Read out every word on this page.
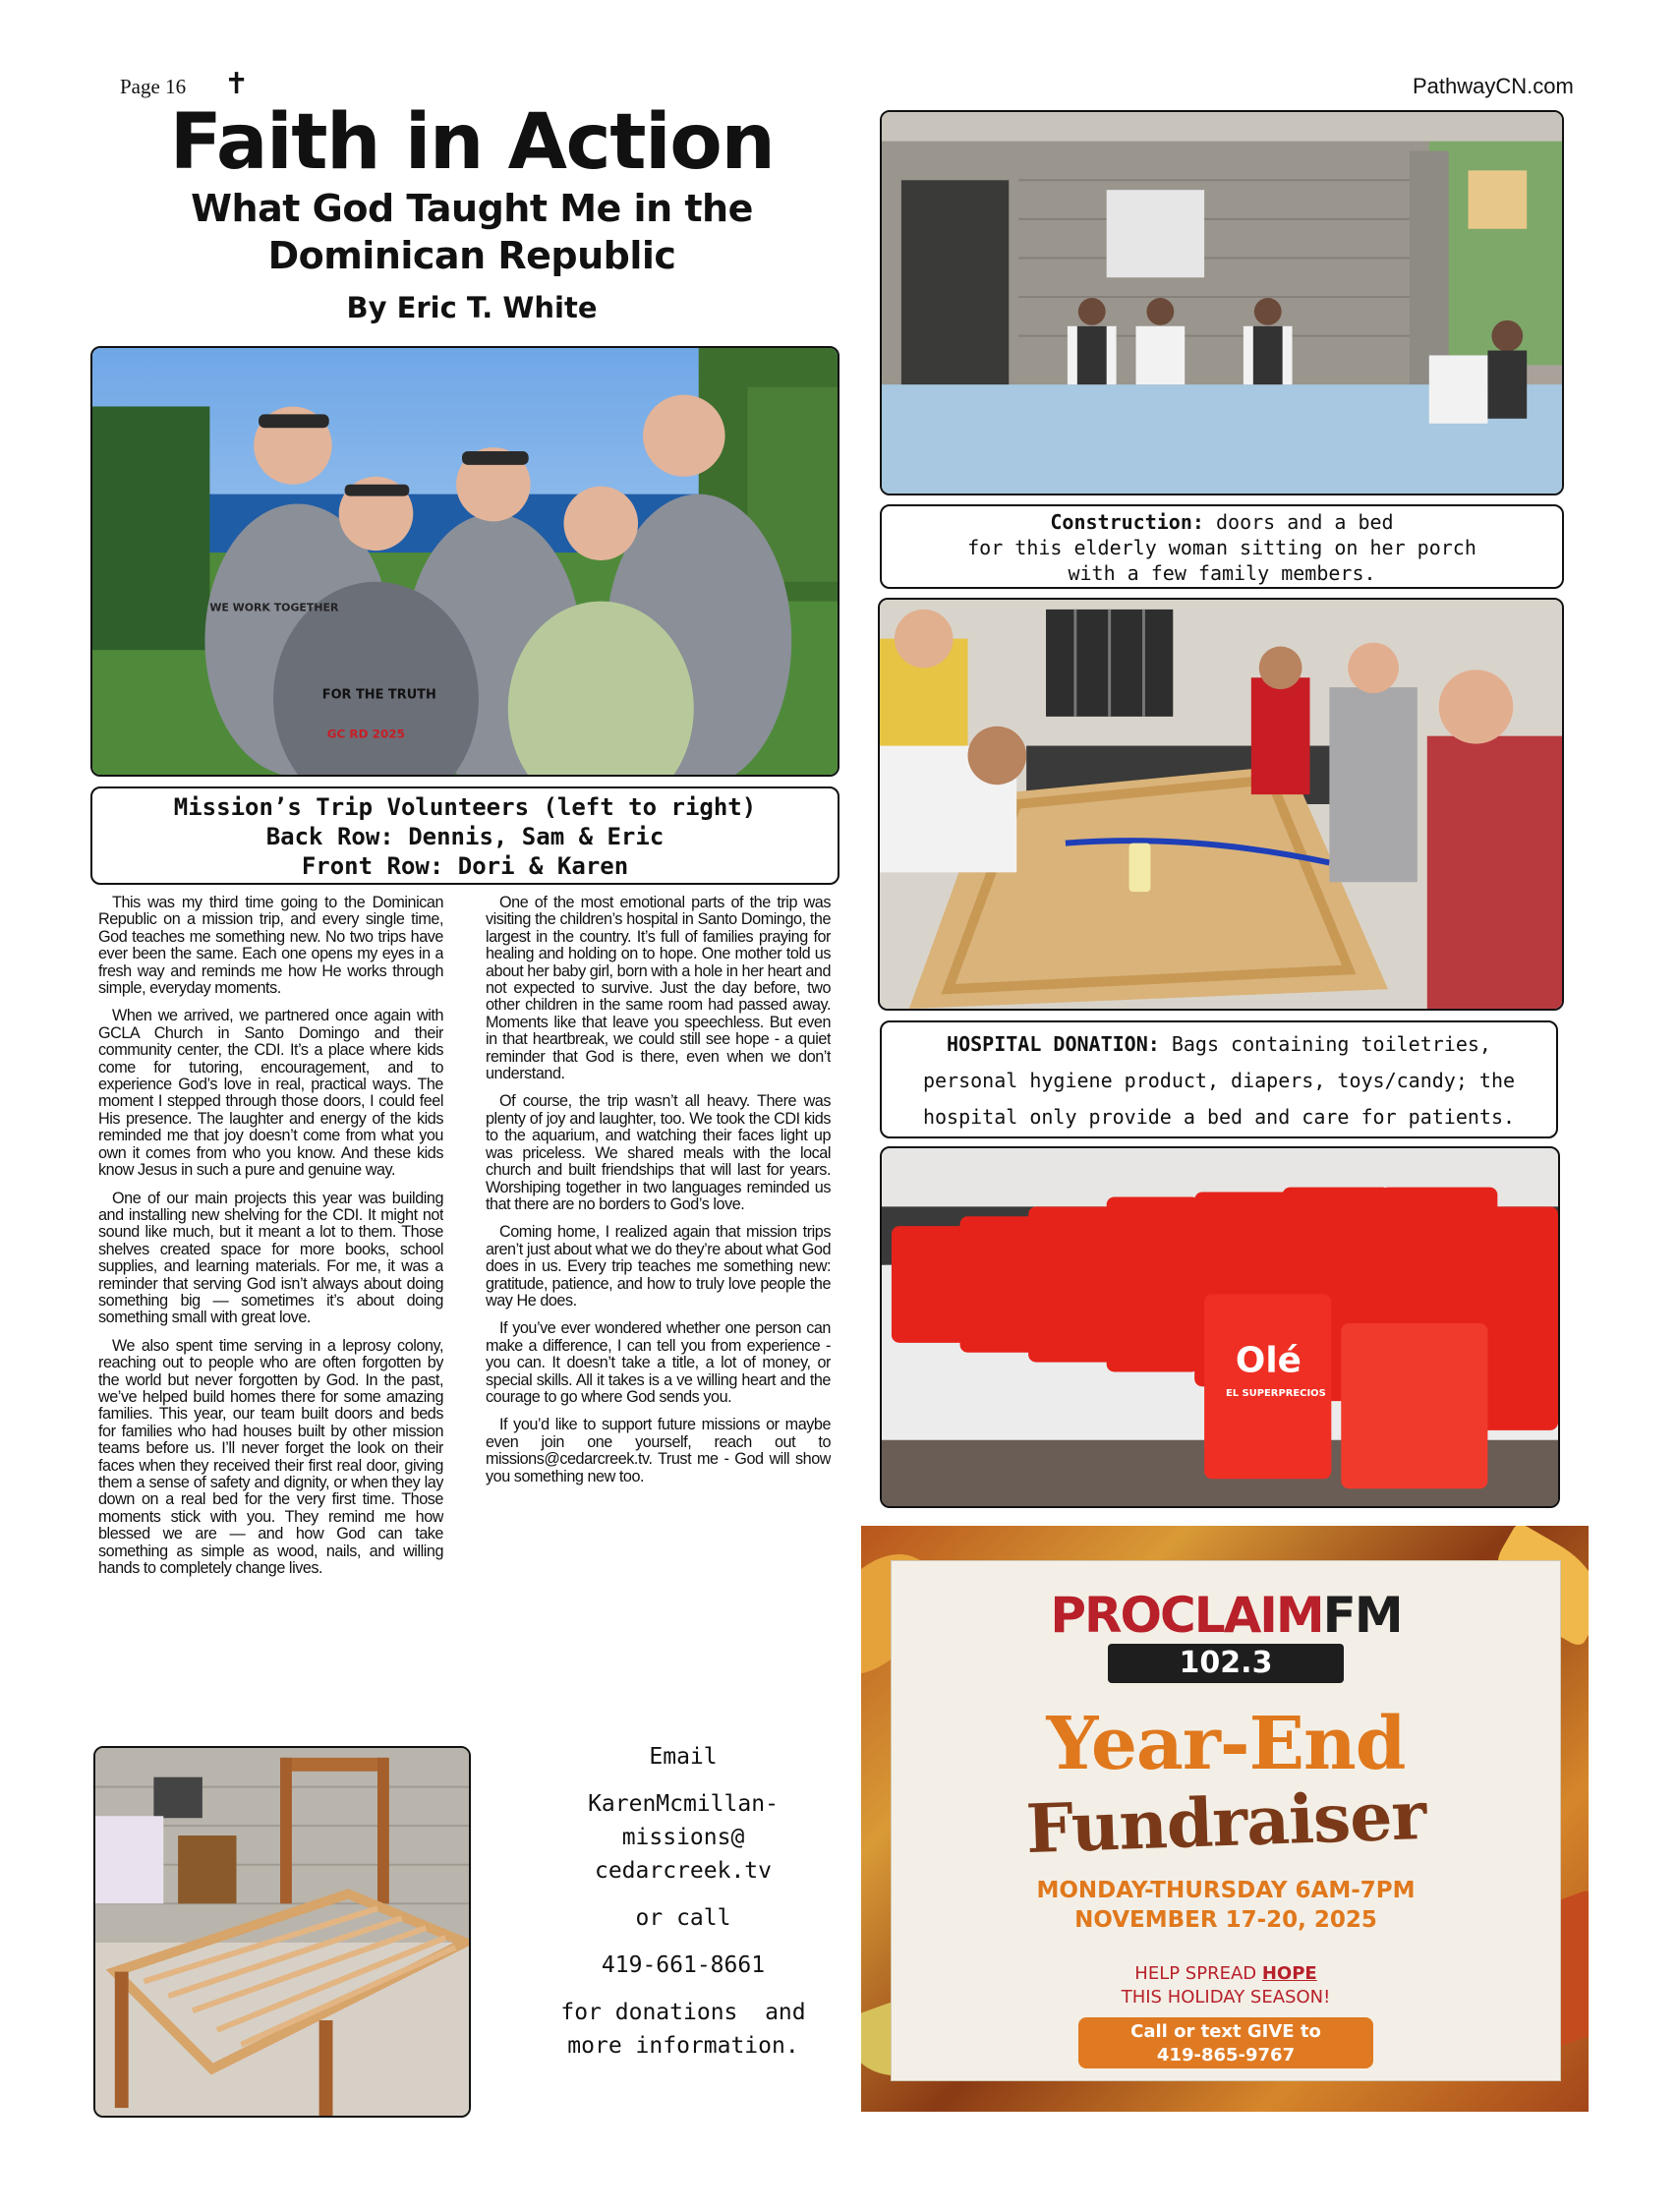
Page 16 ✝	PathwayCN.com
Faith in Action
What God Taught Me in the
Dominican Republic
By Eric T. White
FOR THE TRUTH
WE WORK TOGETHER
GC RD 2025
Mission’s Trip Volunteers (left to right)
Back Row: Dennis, Sam & Eric
Front Row: Dori & Karen

This was my third time going to the Dominican Republic on a mission trip, and every single time, God teaches me something new. No two trips have ever been the same. Each one opens my eyes in a fresh way and reminds me how He works through simple, everyday moments.

When we arrived, we partnered once again with GCLA Church in Santo Domingo and their community center, the CDI. It’s a place where kids come for tutoring, encouragement, and to experience God’s love in real, practical ways. The moment I stepped through those doors, I could feel His presence. The laughter and energy of the kids reminded me that joy doesn’t come from what you own it comes from who you know. And these kids know Jesus in such a pure and genuine way.

One of our main projects this year was building and installing new shelving for the CDI. It might not sound like much, but it meant a lot to them. Those shelves created space for more books, school supplies, and learning materials. For me, it was a reminder that serving God isn’t always about doing something big — sometimes it’s about doing something small with great love.

We also spent time serving in a leprosy colony, reaching out to people who are often forgotten by the world but never forgotten by God. In the past, we’ve helped build homes there for some amazing families. This year, our team built doors and beds for families who had houses built by other mission teams before us. I’ll never forget the look on their faces when they received their first real door, giving them a sense of safety and dignity, or when they lay down on a real bed for the very first time. Those moments stick with you. They remind me how blessed we are — and how God can take something as simple as wood, nails, and willing hands to completely change lives.

One of the most emotional parts of the trip was visiting the children’s hospital in Santo Domingo, the largest in the country. It’s full of families praying for healing and holding on to hope. One mother told us about her baby girl, born with a hole in her heart and not expected to survive. Just the day before, two other children in the same room had passed away. Moments like that leave you speechless. But even in that heartbreak, we could still see hope - a quiet reminder that God is there, even when we don’t understand.

Of course, the trip wasn’t all heavy. There was plenty of joy and laughter, too. We took the CDI kids to the aquarium, and watching their faces light up was priceless. We shared meals with the local church and built friendships that will last for years. Worshiping together in two languages reminded us that there are no borders to God’s love.

Coming home, I realized again that mission trips aren’t just about what we do they’re about what God does in us. Every trip teaches me something new: gratitude, patience, and how to truly love people the way He does.

If you’ve ever wondered whether one person can make a difference, I can tell you from experience - you can. It doesn’t take a title, a lot of money, or special skills. All it takes is a ve willing heart and the courage to go where God sends you.

If you’d like to support future missions or maybe even join one yourself, reach out to missions@cedarcreek.tv. Trust me - God will show you something new too.

Email
KarenMcmillan-
missions@
cedarcreek.tv
or call
419-661-8661
for donations  and
more information.
Construction: doors and a bed
for this elderly woman sitting on her porch
with a few family members.
HOSPITAL DONATION: Bags containing toiletries,
personal hygiene product, diapers, toys/candy; the
hospital only provide a bed and care for patients.
Olé
EL SUPERPRECIOS
PROCLAIMFM
102.3
Year-End
Fundraiser
MONDAY-THURSDAY 6AM-7PM
NOVEMBER 17-20, 2025
HELP SPREAD HOPE
THIS HOLIDAY SEASON!
Call or text GIVE to
419-865-9767
